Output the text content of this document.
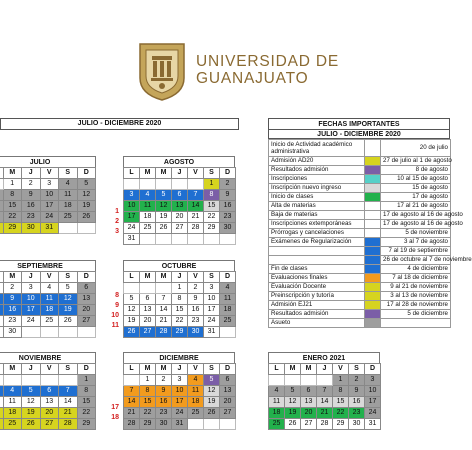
UNIVERSIDAD DE
GUANAJUATO
JULIO - DICIEMBRE 2020
JULIO
	M	J	V	S	D
	1	2	3	4	5
	8	9	10	11	12
	15	16	17	18	19
	22	23	24	25	26
	29	30	31		
AGOSTO
L	M	M	J	V	S	D
					1	2
3	4	5	6	7	8	9
10	11	12	13	14	15	16
17	18	19	20	21	22	23
24	25	26	27	28	29	30
31						
SEPTIEMBRE
	M	J	V	S	D
	2	3	4	5	6
	9	10	11	12	13
	16	17	18	19	20
	23	24	25	26	27
	30				
OCTUBRE
L	M	M	J	V	S	D
			1	2	3	4
5	6	7	8	9	10	11
12	13	14	15	16	17	18
19	20	21	22	23	24	25
26	27	28	29	30	31	
NOVIEMBRE
	M	J	V	S	D
					1
	4	5	6	7	8
	11	12	13	14	15
	18	19	20	21	22
	25	26	27	28	29
DICIEMBRE
L	M	M	J	V	S	D
	1	2	3	4	5	6
7	8	9	10	11	12	13
14	15	16	17	18	19	20
21	22	23	24	25	26	27
28	29	30	31			
ENERO 2021
L	M	M	J	V	S	D
				1	2	3
4	5	6	7	8	9	10
11	12	13	14	15	16	17
18	19	20	21	22	23	24
25	26	27	28	29	30	31
1
2
3
8
9
10
11
17
18
FECHAS IMPORTANTES
JULIO - DICIEMBRE 2020
Inicio de Actividad académico administrativa		20 de julio
Admisión AD20		27 de julio al 1 de agosto
Resultados admisión		8 de agosto
Inscripciones		10 al 15 de agosto
Inscripción nuevo ingreso		15 de agosto
Inicio de clases		17 de agosto
Alta de materias		17 al 21 de agosto
Baja de materias		17 de agosto al 16 de agosto
Inscripciones extemporáneas		17 de agosto al 16 de agosto
Prórrogas y cancelaciones		5 de noviembre
Exámenes de Regularización		3 al 7 de agosto
		7 al 19 de septiembre
		26 de octubre al 7 de noviembre
Fin de clases		4 de diciembre
Evaluaciones finales		7 al 18 de diciembre
Evaluación Docente		9 al 21 de noviembre
Preinscripción y tutoría		3 al 13 de noviembre
Admisión EJ21		17 al 28 de noviembre
Resultados admisión		5 de diciembre
Asueto		
